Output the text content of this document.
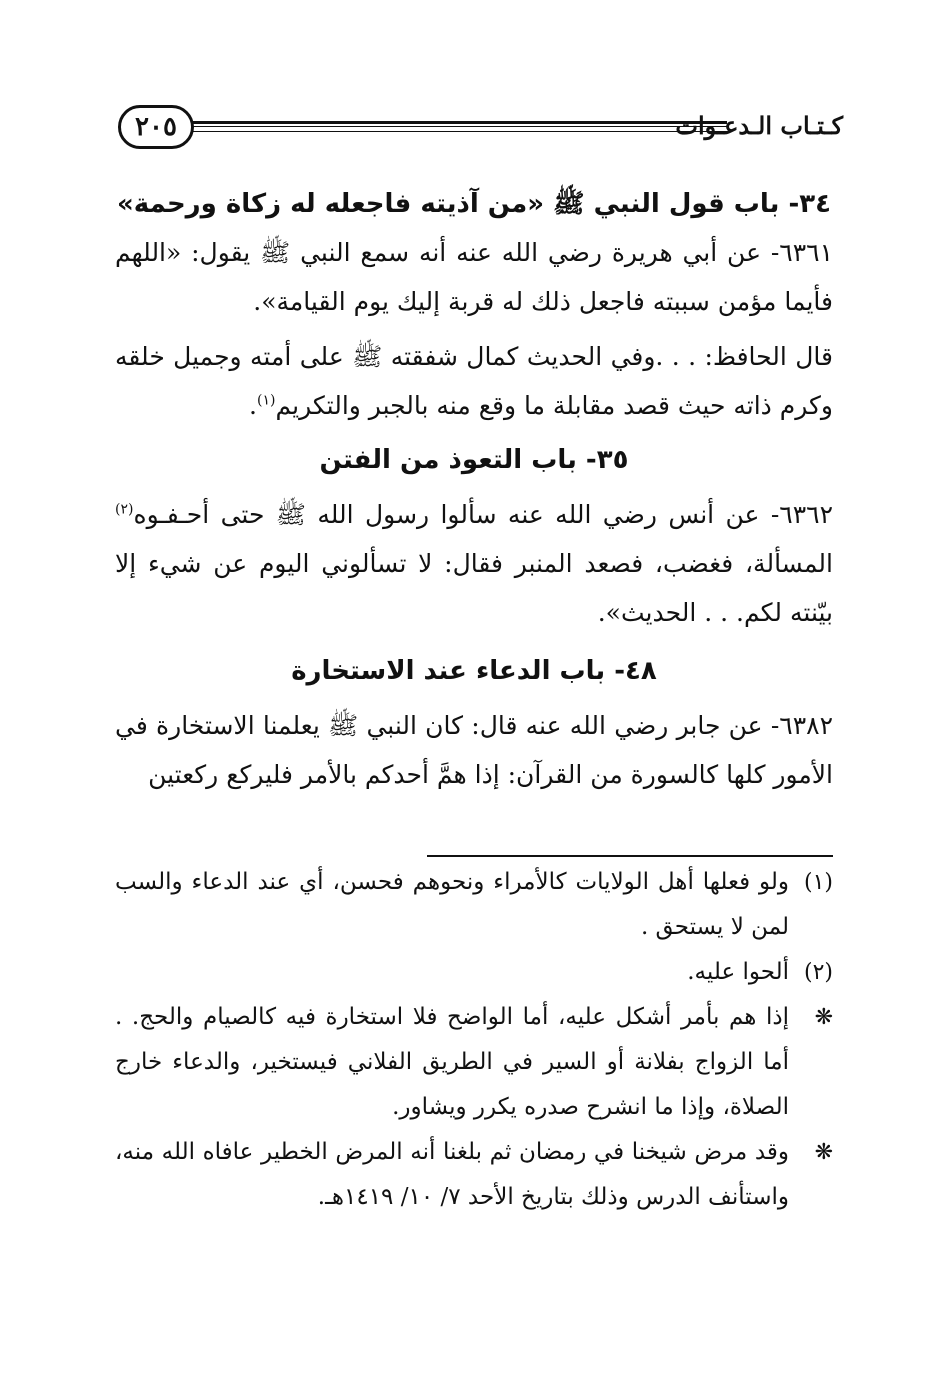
٢٠٥	كـتـاب الـدعـوات
٣٤- باب قول النبي ﷺ «من آذيته فاجعله له زكاة ورحمة»

٦٣٦١- عن أبي هريرة رضي الله عنه أنه سمع النبي ﷺ يقول: «اللهم فأيما مؤمن سببته فاجعل ذلك له قربة إليك يوم القيامة».

قال الحافظ: . . .وفي الحديث كمال شفقته ﷺ على أمته وجميل خلقه وكرم ذاته حيث قصد مقابلة ما وقع منه بالجبر والتكريم$^{(١)}$.

٣٥- باب التعوذ من الفتن

٦٣٦٢- عن أنس رضي الله عنه سألوا رسول الله ﷺ حتى أحـفـوه$^{(٢)}$ المسألة، فغضب، فصعد المنبر فقال: لا تسألوني اليوم عن شيء إلا بيّنته لكم. . . الحديث».

٤٨- باب الدعاء عند الاستخارة

٦٣٨٢- عن جابر رضي الله عنه قال: كان النبي ﷺ يعلمنا الاستخارة في الأمور كلها كالسورة من القرآن: إذا همَّ أحدكم بالأمر فليركع ركعتين

(١)

ولو فعلها أهل الولايات كالأمراء ونحوهم فحسن، أي عند الدعاء والسب لمن لا يستحق .

(٢)

ألحوا عليه.

❋

إذا هم بأمر أشكل عليه، أما الواضح فلا استخارة فيه كالصيام والحج. . أما الزواج بفلانة أو السير في الطريق الفلاني فيستخير، والدعاء خارج الصلاة، وإذا ما انشرح صدره يكرر ويشاور.

❋

وقد مرض شيخنا في رمضان ثم بلغنا أنه المرض الخطير عافاه الله منه، واستأنف الدرس وذلك بتاريخ الأحد ٧/ ١٠/ ١٤١٩هـ.
